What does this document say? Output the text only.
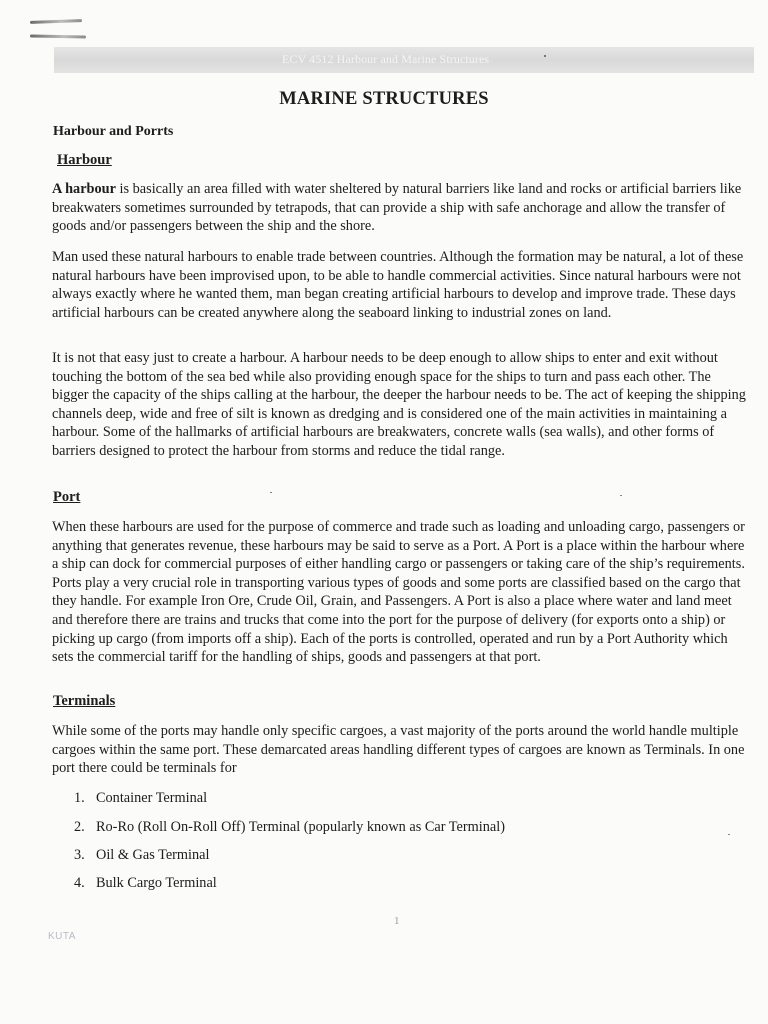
ECV 4512 Harbour and Marine Structures
MARINE STRUCTURES
Harbour and Porrts
Harbour
A harbour is basically an area filled with water sheltered by natural barriers like land and rocks or artificial barriers like breakwaters sometimes surrounded by tetrapods, that can provide a ship with safe anchorage and allow the transfer of goods and/or passengers between the ship and the shore.
Man used these natural harbours to enable trade between countries. Although the formation may be natural, a lot of these natural harbours have been improvised upon, to be able to handle commercial activities. Since natural harbours were not always exactly where he wanted them, man began creating artificial harbours to develop and improve trade. These days artificial harbours can be created anywhere along the seaboard linking to industrial zones on land.
It is not that easy just to create a harbour. A harbour needs to be deep enough to allow ships to enter and exit without touching the bottom of the sea bed while also providing enough space for the ships to turn and pass each other. The bigger the capacity of the ships calling at the harbour, the deeper the harbour needs to be. The act of keeping the shipping channels deep, wide and free of silt is known as dredging and is considered one of the main activities in maintaining a harbour. Some of the hallmarks of artificial harbours are breakwaters, concrete walls (sea walls), and other forms of barriers designed to protect the harbour from storms and reduce the tidal range.
Port
When these harbours are used for the purpose of commerce and trade such as loading and unloading cargo, passengers or anything that generates revenue, these harbours may be said to serve as a Port. A Port is a place within the harbour where a ship can dock for commercial purposes of either handling cargo or passengers or taking care of the ship’s requirements. Ports play a very crucial role in transporting various types of goods and some ports are classified based on the cargo that they handle. For example Iron Ore, Crude Oil, Grain, and Passengers. A Port is also a place where water and land meet and therefore there are trains and trucks that come into the port for the purpose of delivery (for exports onto a ship) or picking up cargo (from imports off a ship). Each of the ports is controlled, operated and run by a Port Authority which sets the commercial tariff for the handling of ships, goods and passengers at that port.
Terminals
While some of the ports may handle only specific cargoes, a vast majority of the ports around the world handle multiple cargoes within the same port. These demarcated areas handling different types of cargoes are known as Terminals. In one port there could be terminals for
1. Container Terminal
2. Ro-Ro (Roll On-Roll Off) Terminal (popularly known as Car Terminal)
3. Oil & Gas Terminal
4. Bulk Cargo Terminal
1
KUTA
